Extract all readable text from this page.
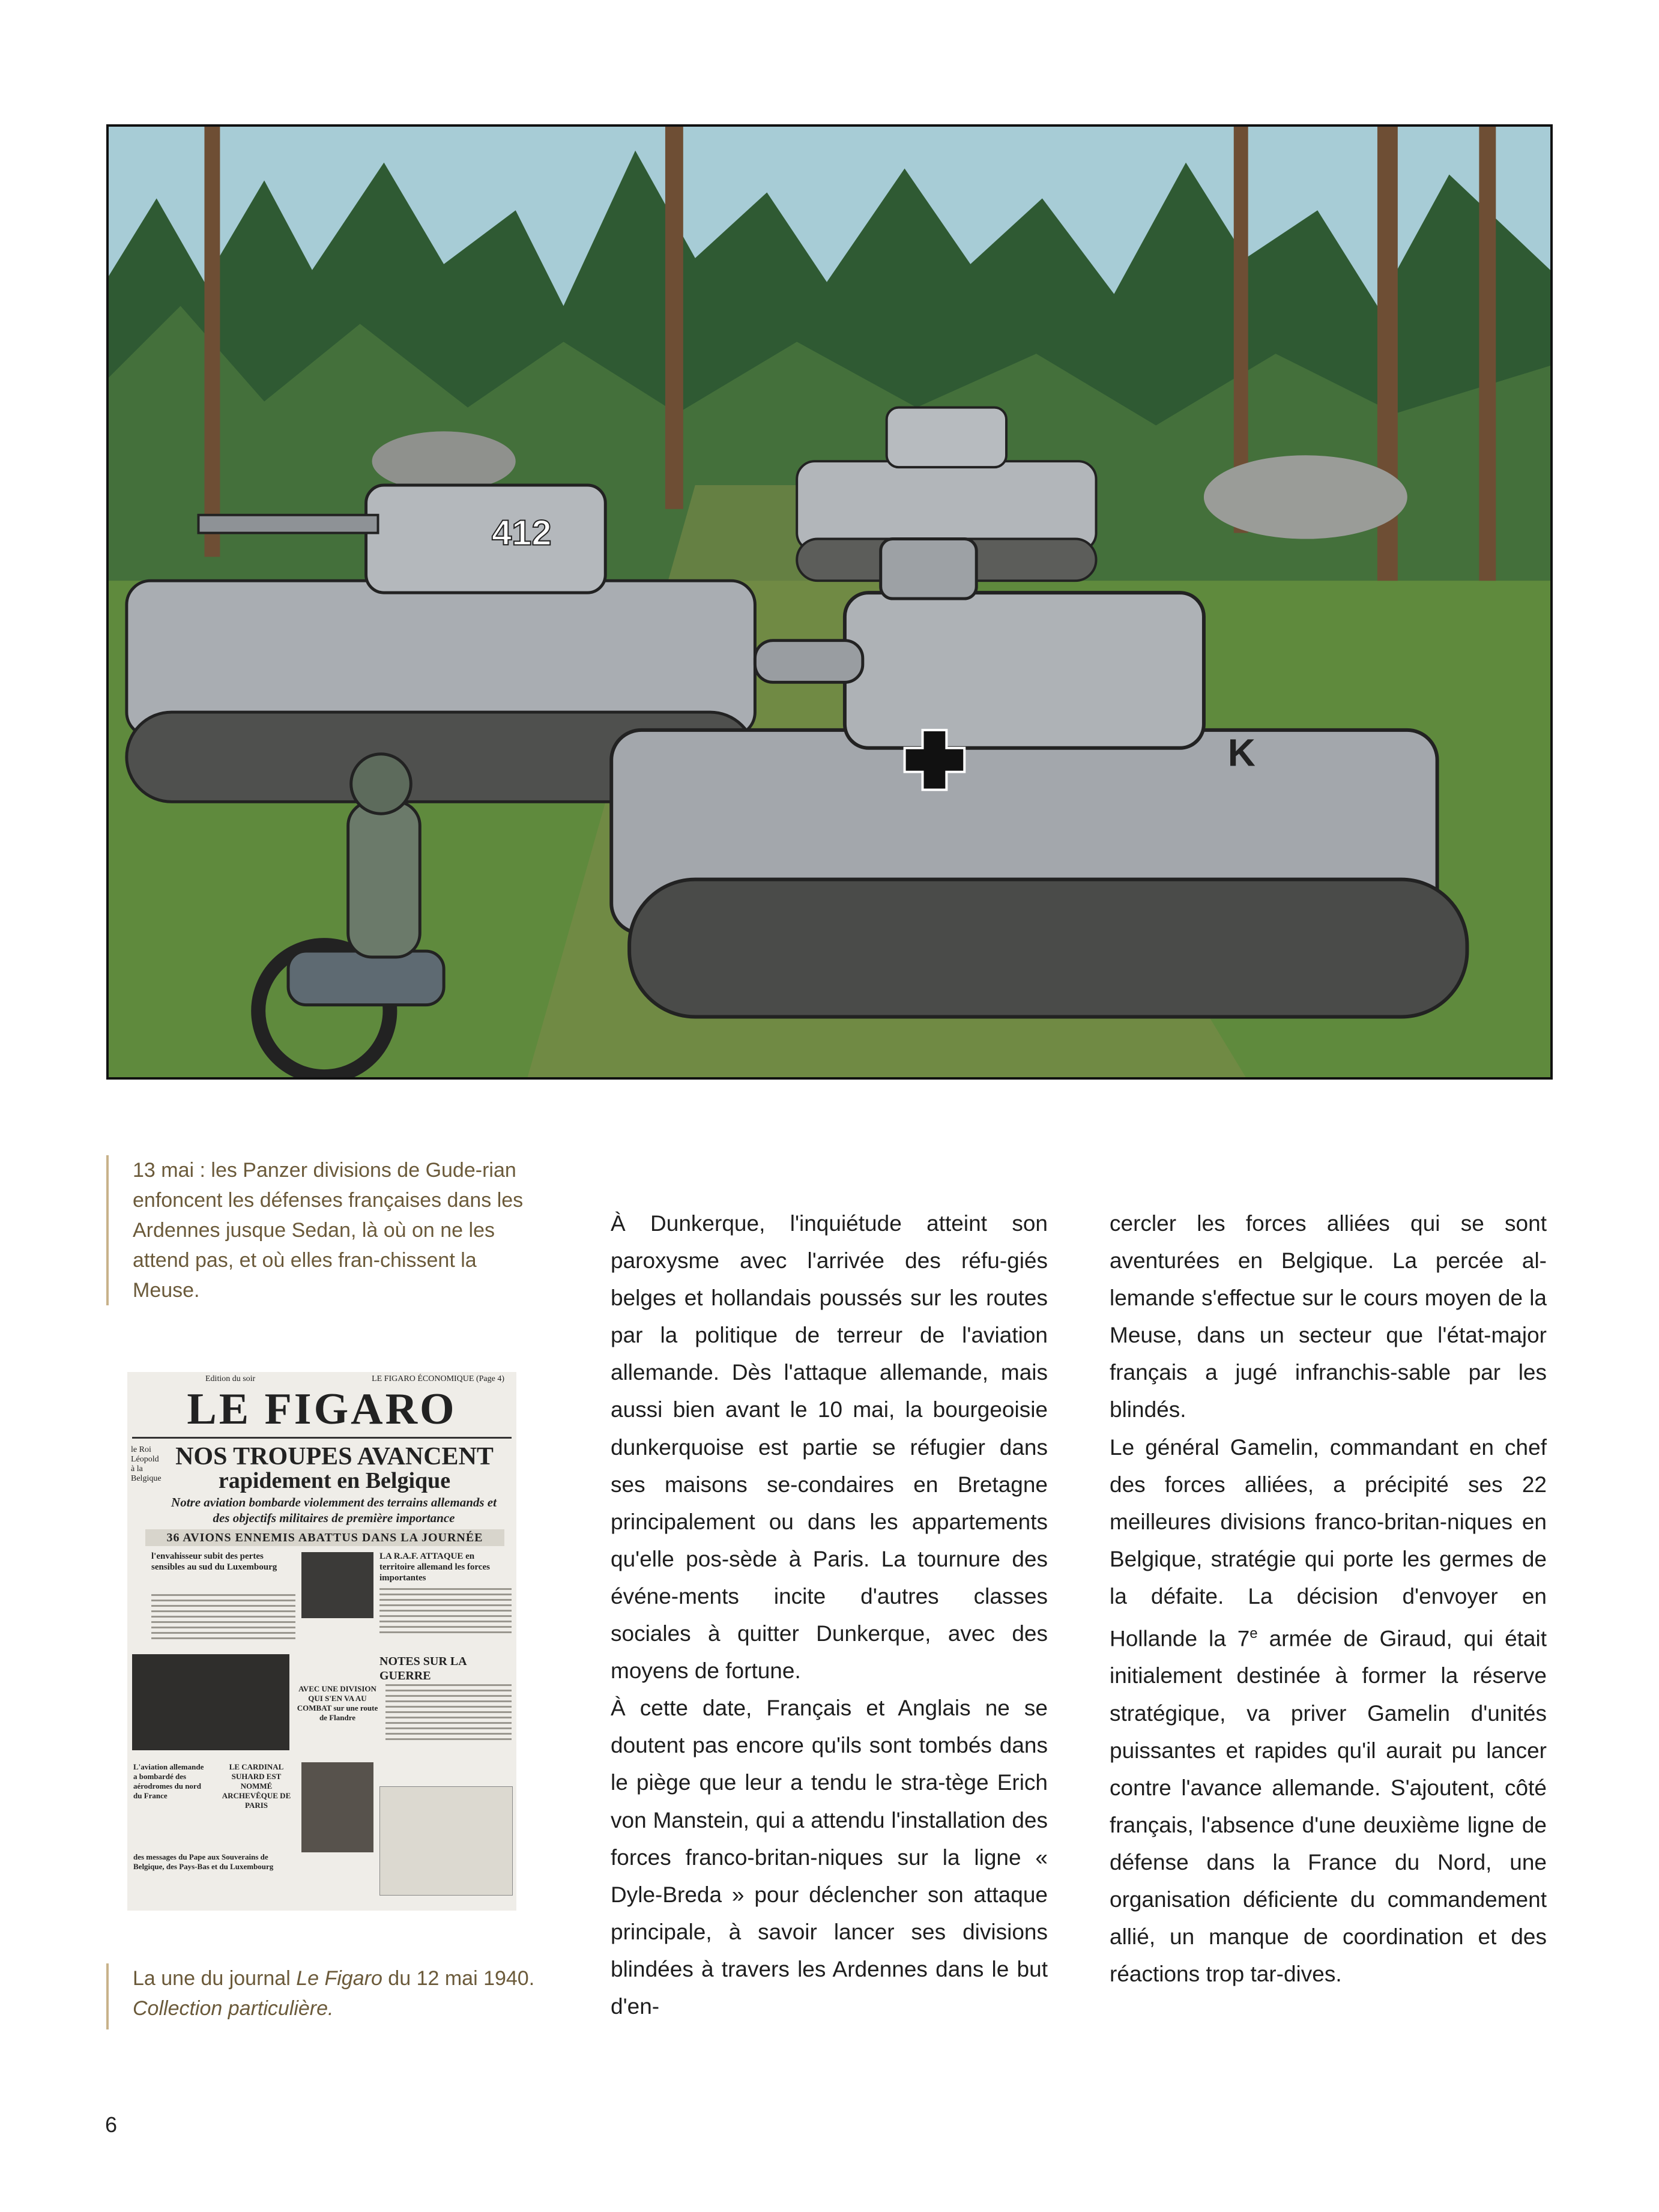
412
K
13 mai : les Panzer divisions de Gude-rian enfoncent les défenses françaises dans les Ardennes jusque Sedan, là où on ne les attend pas, et où elles fran-chissent la Meuse.
Edition du soir	LE FIGARO ÉCONOMIQUE (Page 4)
LE FIGARO
le Roi Léopold à la Belgique
NOS TROUPES AVANCENT
rapidement en Belgique
Notre aviation bombarde violemment des terrains allemands et des objectifs militaires de première importance
36 AVIONS ENNEMIS ABATTUS DANS LA JOURNÉE
l'envahisseur subit des pertes sensibles au sud du Luxembourg
LA R.A.F. ATTAQUE en territoire allemand les forces importantes
NOTES SUR LA GUERRE
AVEC UNE DIVISION QUI S'EN VA AU COMBAT sur une route de Flandre
L'aviation allemande a bombardé des aérodromes du nord du France
LE CARDINAL SUHARD EST NOMMÉ ARCHEVÊQUE DE PARIS
des messages du Pape aux Souverains de Belgique, des Pays-Bas et du Luxembourg
La une du journal Le Figaro du 12 mai 1940. Collection particulière.

À Dunkerque, l'inquiétude atteint son paroxysme avec l'arrivée des réfu-giés belges et hollandais poussés sur les routes par la politique de terreur de l'aviation allemande. Dès l'attaque allemande, mais aussi bien avant le 10 mai, la bourgeoisie dunkerquoise est partie se réfugier dans ses maisons se-condaires en Bretagne principalement ou dans les appartements qu'elle pos-sède à Paris. La tournure des événe-ments incite d'autres classes sociales à quitter Dunkerque, avec des moyens de fortune.

À cette date, Français et Anglais ne se doutent pas encore qu'ils sont tombés dans le piège que leur a tendu le stra-tège Erich von Manstein, qui a attendu l'installation des forces franco-britan-niques sur la ligne « Dyle-Breda » pour déclencher son attaque principale, à savoir lancer ses divisions blindées à travers les Ardennes dans le but d'en-

cercler les forces alliées qui se sont aventurées en Belgique. La percée al-lemande s'effectue sur le cours moyen de la Meuse, dans un secteur que l'état-major français a jugé infranchis-sable par les blindés.

Le général Gamelin, commandant en chef des forces alliées, a précipité ses 22 meilleures divisions franco-britan-niques en Belgique, stratégie qui porte les germes de la défaite. La décision d'envoyer en Hollande la 7e armée de Giraud, qui était initialement destinée à former la réserve stratégique, va priver Gamelin d'unités puissantes et rapides qu'il aurait pu lancer contre l'avance allemande. S'ajoutent, côté français, l'absence d'une deuxième ligne de défense dans la France du Nord, une organisation déficiente du commandement allié, un manque de coordination et des réactions trop tar-dives.

6
